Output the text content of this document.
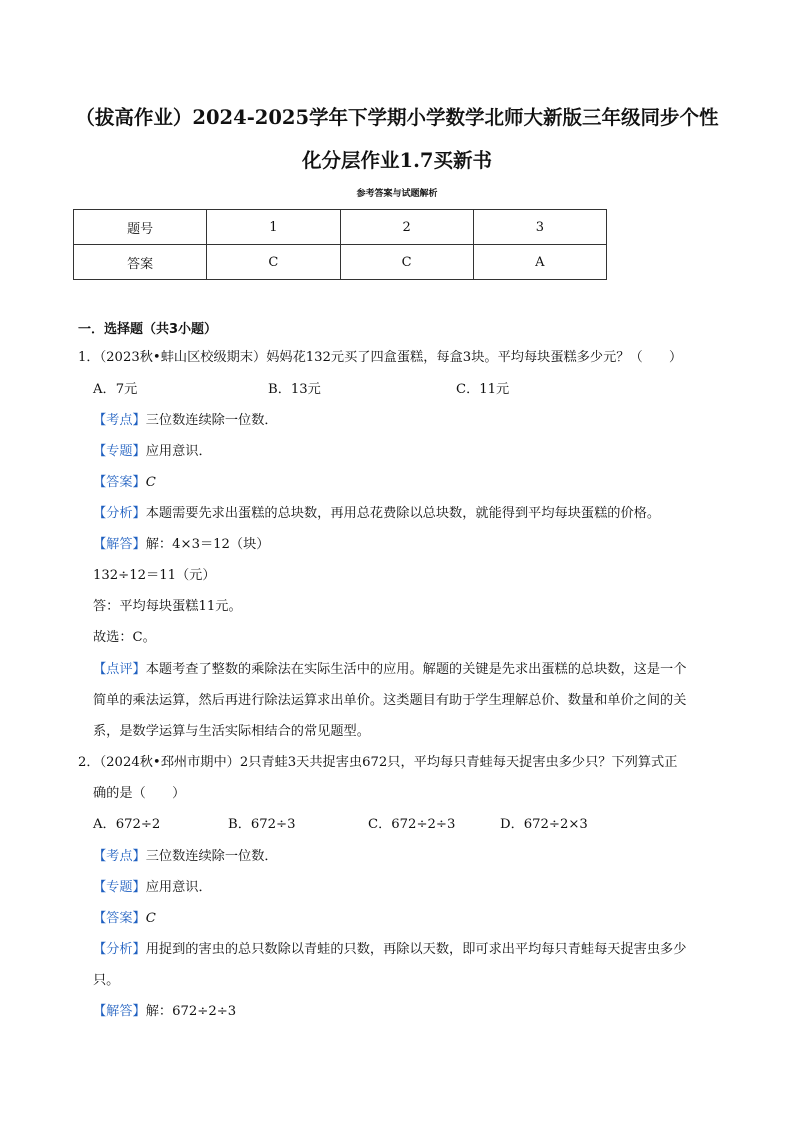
（拔高作业）2024-2025学年下学期小学数学北师大新版三年级同步个性
化分层作业1.7买新书
参考答案与试题解析
题号	1	2	3
答案	C	C	A
一．选择题（共3小题）
1．（2023秋•蚌山区校级期末）妈妈花132元买了四盒蛋糕，每盒3块。平均每块蛋糕多少元？（　　）
A．7元	B．13元	C．11元
【考点】三位数连续除一位数．
【专题】应用意识．
【答案】C
【分析】本题需要先求出蛋糕的总块数，再用总花费除以总块数，就能得到平均每块蛋糕的价格。
【解答】解：4×3＝12（块）
132÷12＝11（元）
答：平均每块蛋糕11元。
故选：C。
【点评】本题考查了整数的乘除法在实际生活中的应用。解题的关键是先求出蛋糕的总块数，这是一个
简单的乘法运算，然后再进行除法运算求出单价。这类题目有助于学生理解总价、数量和单价之间的关
系，是数学运算与生活实际相结合的常见题型。
2．（2024秋•邳州市期中）2只青蛙3天共捉害虫672只，平均每只青蛙每天捉害虫多少只？下列算式正
确的是（　　）
A．672÷2	B．672÷3	C．672÷2÷3	D．672÷2×3
【考点】三位数连续除一位数．
【专题】应用意识．
【答案】C
【分析】用捉到的害虫的总只数除以青蛙的只数，再除以天数，即可求出平均每只青蛙每天捉害虫多少
只。
【解答】解：672÷2÷3
